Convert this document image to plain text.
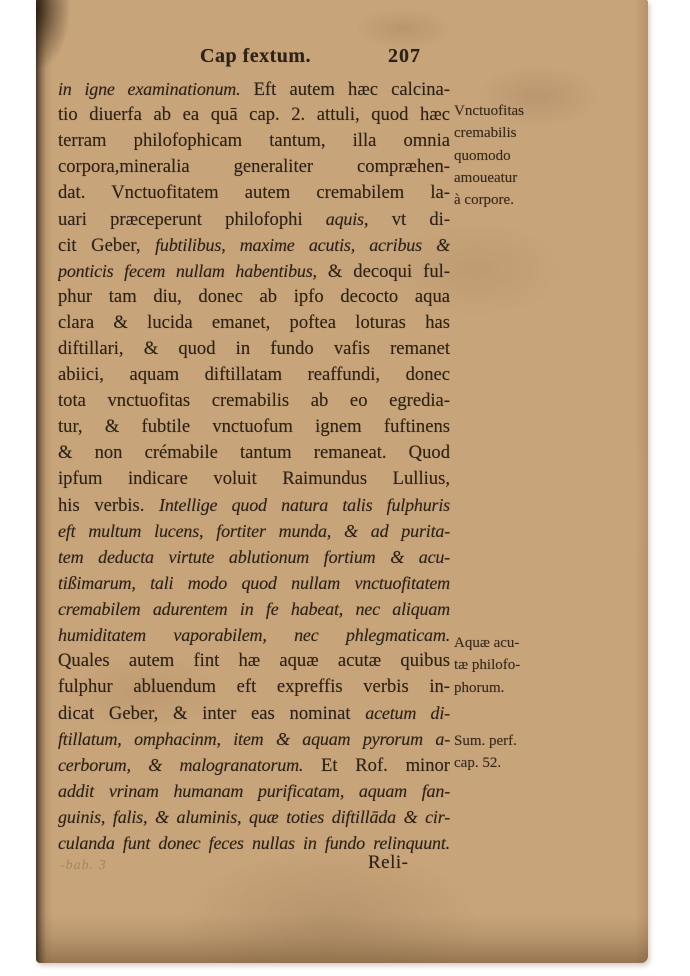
Cap fextum.	207
in igne examinationum. Eft autem hæc calcina-
tio diuerfa ab ea quā cap. 2. attuli, quod hæc
terram philofophicam tantum, illa omnia
corpora,mineralia generaliter compræhen-
dat. Vnctuofitatem autem cremabilem la-
uari præceperunt philofophi aquis, vt di-
cit Geber, fubtilibus, maxime acutis, acribus &
ponticis fecem nullam habentibus, & decoqui ful-
phur tam diu, donec ab ipfo decocto aqua
clara & lucida emanet, poftea loturas has
diftillari, & quod in fundo vafis remanet
abiici, aquam diftillatam reaffundi, donec
tota vnctuofitas cremabilis ab eo egredia-
tur, & fubtile vnctuofum ignem fuftinens
& non crémabile tantum remaneat. Quod
ipfum indicare voluit Raimundus Lullius,
his verbis. Intellige quod natura talis fulphuris
eft multum lucens, fortiter munda, & ad purita-
tem deducta virtute ablutionum fortium & acu-
tißimarum, tali modo quod nullam vnctuofitatem
cremabilem adurentem in fe habeat, nec aliquam
humiditatem vaporabilem, nec phlegmaticam.
Quales autem fint hæ aquæ acutæ quibus
fulphur abluendum eft expreffis verbis in-
dicat Geber, & inter eas nominat acetum di-
ftillatum, omphacinm, item & aquam pyrorum a-
cerborum, & malogranatorum. Et Rof. minor
addit vrinam humanam purificatam, aquam fan-
guinis, falis, & aluminis, quæ toties diftillāda & cir-
culanda funt donec feces nullas in fundo relinquunt.
Vnctuofitas
cremabilis
quomodo
amoueatur
à corpore.
Aquæ acu-
tæ philofo-
phorum.
Sum. perf.
cap. 52.
Reli-
-bab. 3
